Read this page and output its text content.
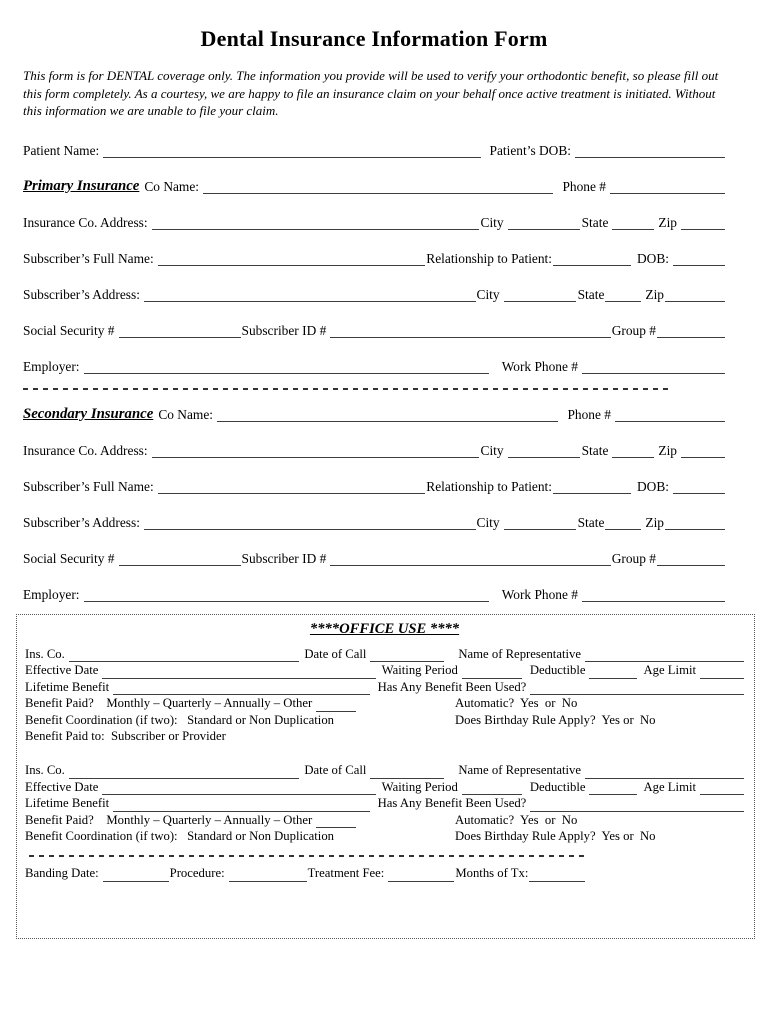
Dental Insurance Information Form

This form is for DENTAL coverage only. The information you provide will be used to verify your orthodontic benefit, so please fill out this form completely. As a courtesy, we are happy to file an insurance claim on your behalf once active treatment is initiated. Without this information we are unable to file your claim.

Patient Name:	Patient’s DOB:
Primary Insurance Co Name:	Phone #
Insurance Co. Address:	City	State	Zip
Subscriber’s Full Name:	Relationship to Patient:	DOB:
Subscriber’s Address:	City	State	Zip
Social Security #	Subscriber ID #	Group #
Employer:	Work Phone #
Secondary Insurance Co Name:	Phone #
Insurance Co. Address:	City	State	Zip
Subscriber’s Full Name:	Relationship to Patient:	DOB:
Subscriber’s Address:	City	State	Zip
Social Security #	Subscriber ID #	Group #
Employer:	Work Phone #
****OFFICE USE ****
Ins. Co.	Date of Call	Name of Representative
Effective Date	Waiting Period	Deductible	Age Limit
Lifetime Benefit	Has Any Benefit Been Used?
Benefit Paid?    Monthly – Quarterly – Annually – Other	Automatic?  Yes  or  No
Benefit Coordination (if two):   Standard or Non Duplication	Does Birthday Rule Apply?  Yes or  No
Benefit Paid to:  Subscriber or Provider
Ins. Co.	Date of Call	Name of Representative
Effective Date	Waiting Period	Deductible	Age Limit
Lifetime Benefit	Has Any Benefit Been Used?
Benefit Paid?    Monthly – Quarterly – Annually – Other	Automatic?  Yes  or  No
Benefit Coordination (if two):   Standard or Non Duplication	Does Birthday Rule Apply?  Yes or  No
Banding Date:	Procedure:	Treatment Fee:	Months of Tx:
